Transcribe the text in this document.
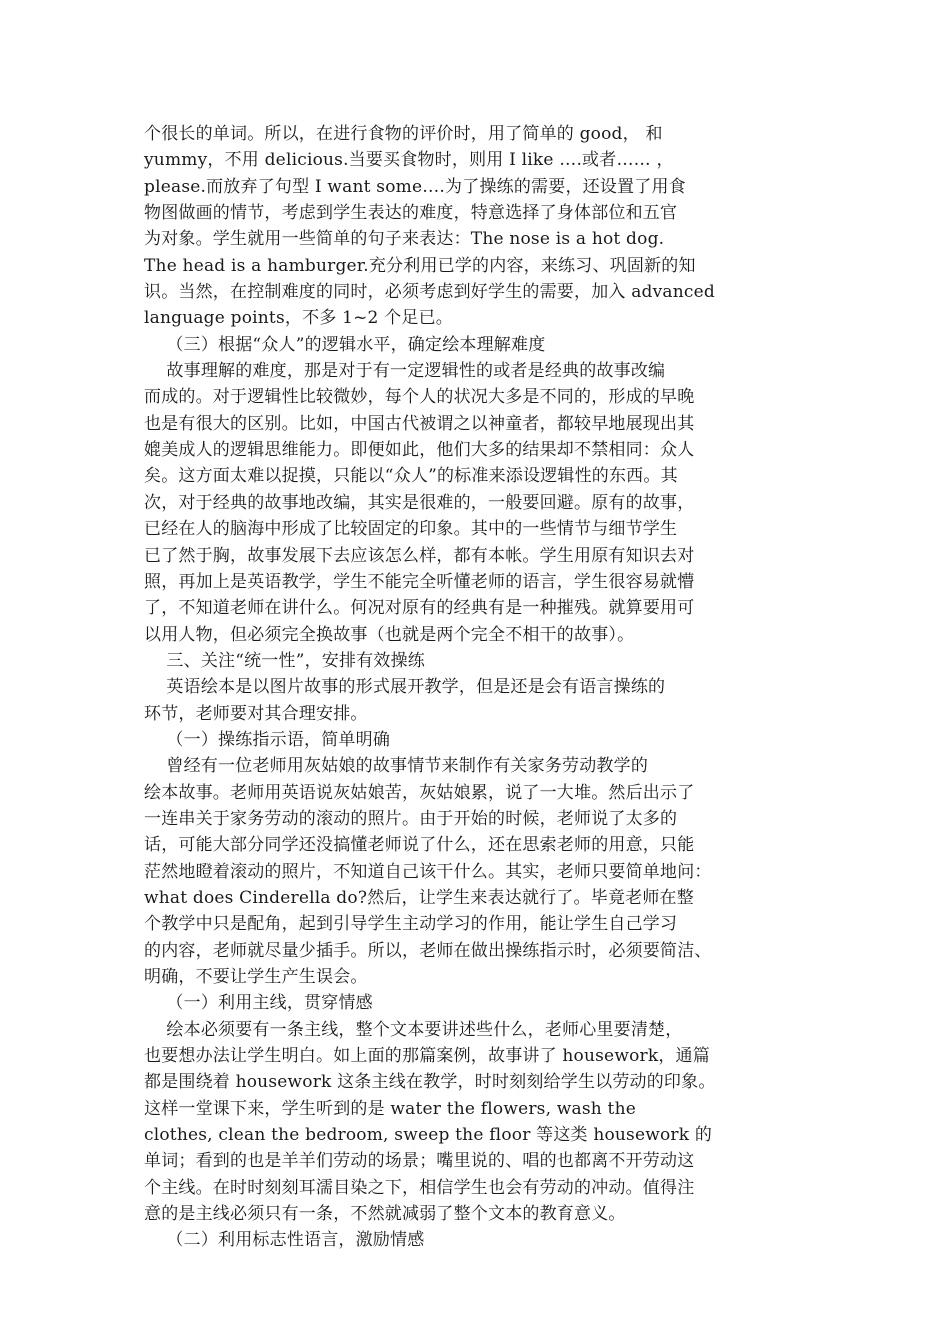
个很长的单词。所以，在进行食物的评价时，用了简单的 good， 和
yummy，不用 delicious.当要买食物时，则用 I like ….或者…… ，
please.而放弃了句型 I want some….为了操练的需要，还设置了用食
物图做画的情节，考虑到学生表达的难度，特意选择了身体部位和五官
为对象。学生就用一些简单的句子来表达：The nose is a hot dog.
The head is a hamburger.充分利用已学的内容，来练习、巩固新的知
识。当然，在控制难度的同时，必须考虑到好学生的需要，加入 advanced
language points，不多 1~2 个足已。
（三）根据“众人”的逻辑水平，确定绘本理解难度
故事理解的难度，那是对于有一定逻辑性的或者是经典的故事改编
而成的。对于逻辑性比较微妙，每个人的状况大多是不同的，形成的早晚
也是有很大的区别。比如，中国古代被谓之以神童者，都较早地展现出其
媲美成人的逻辑思维能力。即便如此，他们大多的结果却不禁相同：众人
矣。这方面太难以捉摸，只能以“众人”的标准来添设逻辑性的东西。其
次，对于经典的故事地改编，其实是很难的，一般要回避。原有的故事，
已经在人的脑海中形成了比较固定的印象。其中的一些情节与细节学生
已了然于胸，故事发展下去应该怎么样，都有本帐。学生用原有知识去对
照，再加上是英语教学，学生不能完全听懂老师的语言，学生很容易就懵
了，不知道老师在讲什么。何况对原有的经典有是一种摧残。就算要用可
以用人物，但必须完全换故事（也就是两个完全不相干的故事）。
三、关注“统一性”，安排有效操练
英语绘本是以图片故事的形式展开教学，但是还是会有语言操练的
环节，老师要对其合理安排。
（一）操练指示语，简单明确
曾经有一位老师用灰姑娘的故事情节来制作有关家务劳动教学的
绘本故事。老师用英语说灰姑娘苦，灰姑娘累，说了一大堆。然后出示了
一连串关于家务劳动的滚动的照片。由于开始的时候，老师说了太多的
话，可能大部分同学还没搞懂老师说了什么，还在思索老师的用意，只能
茫然地瞪着滚动的照片，不知道自己该干什么。其实，老师只要简单地问：
what does Cinderella do?然后，让学生来表达就行了。毕竟老师在整
个教学中只是配角，起到引导学生主动学习的作用，能让学生自己学习
的内容，老师就尽量少插手。所以，老师在做出操练指示时，必须要简洁、
明确，不要让学生产生误会。
（一）利用主线，贯穿情感
绘本必须要有一条主线，整个文本要讲述些什么，老师心里要清楚，
也要想办法让学生明白。如上面的那篇案例，故事讲了 housework，通篇
都是围绕着 housework 这条主线在教学，时时刻刻给学生以劳动的印象。
这样一堂课下来，学生听到的是 water the flowers, wash the
clothes, clean the bedroom, sweep the floor 等这类 housework 的
单词；看到的也是羊羊们劳动的场景；嘴里说的、唱的也都离不开劳动这
个主线。在时时刻刻耳濡目染之下，相信学生也会有劳动的冲动。值得注
意的是主线必须只有一条，不然就减弱了整个文本的教育意义。
（二）利用标志性语言，激励情感
